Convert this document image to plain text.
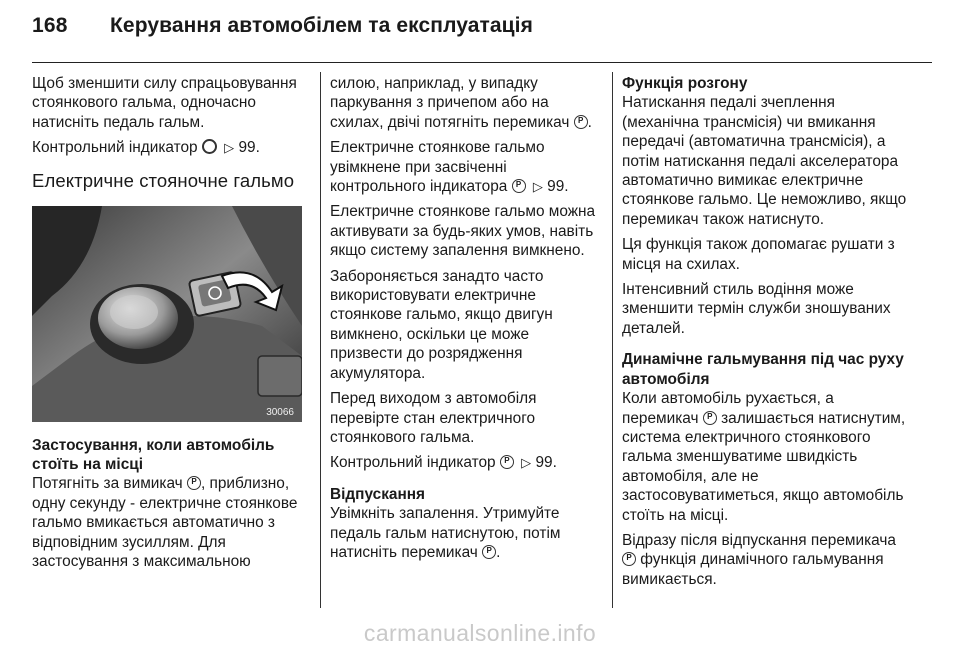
168	Керування автомобілем та експлуатація

Щоб зменшити силу спрацьовування стоянкового гальма, одночасно натисніть педаль гальм.

Контрольний індикатор ▷ 99.

Електричне стояночне гальмо
30066

Застосування, коли автомобіль стоїть на місці

Потягніть за вимикач P , приблизно, одну секунду - електричне стоянкове гальмо вмикається автоматично з відповідним зусиллям. Для застосування з максимальною

силою, наприклад, у випадку паркування з причепом або на схилах, двічі потягніть перемикач P .

Електричне стоянкове гальмо увімкнене при засвіченні контрольного індикатора P ▷ 99.

Електричне стоянкове гальмо можна активувати за будь-яких умов, навіть якщо систему запалення вимкнено.

Забороняється занадто часто використовувати електричне стоянкове гальмо, якщо двигун вимкнено, оскільки це може призвести до розрядження акумулятора.

Перед виходом з автомобіля перевірте стан електричного стоянкового гальма.

Контрольний індикатор P ▷ 99.

Відпускання

Увімкніть запалення. Утримуйте педаль гальм натиснутою, потім натисніть перемикач P .

Функція розгону

Натискання педалі зчеплення (механічна трансмісія) чи вмикання передачі (автоматична трансмісія), а потім натискання педалі акселератора автоматично вимикає електричне стоянкове гальмо. Це неможливо, якщо перемикач також натиснуто.

Ця функція також допомагає рушати з місця на схилах.

Інтенсивний стиль водіння може зменшити термін служби зношуваних деталей.

Динамічне гальмування під час руху автомобіля

Коли автомобіль рухається, а перемикач P залишається натиснутим, система електричного стоянкового гальма зменшуватиме швидкість автомобіля, але не застосовуватиметься, якщо автомобіль стоїть на місці.

Відразу після відпускання перемикача P функція динамічного гальмування вимикається.

carmanualsonline.info
